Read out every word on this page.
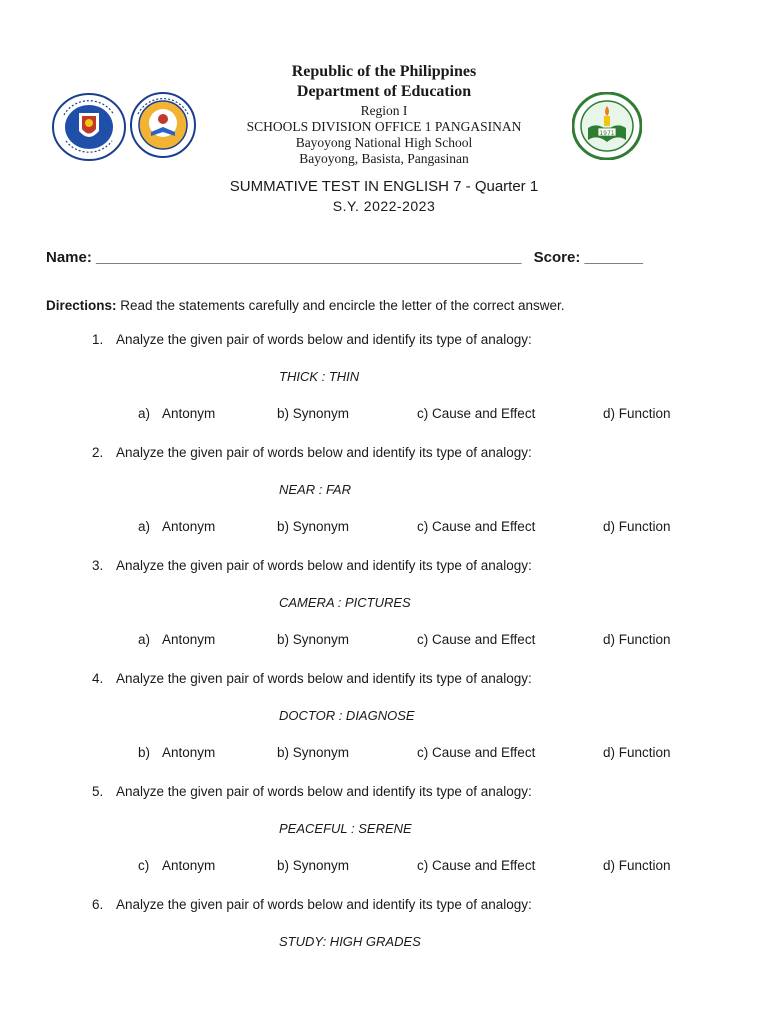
1971
Republic of the Philippines
Department of Education
Region I
SCHOOLS DIVISION OFFICE 1 PANGASINAN
Bayoyong National High School
Bayoyong, Basista, Pangasinan
SUMMATIVE TEST IN ENGLISH 7 - Quarter 1
S.Y. 2022-2023
Name: ___________________________________________________ Score: _______
Directions: Read the statements carefully and encircle the letter of the correct answer.
1. Analyze the given pair of words below and identify its type of analogy:
THICK : THIN
a) Antonym	b) Synonym	c) Cause and Effect	d) Function
2. Analyze the given pair of words below and identify its type of analogy:
NEAR : FAR
a) Antonym	b) Synonym	c) Cause and Effect	d) Function
3. Analyze the given pair of words below and identify its type of analogy:
CAMERA : PICTURES
a) Antonym	b) Synonym	c) Cause and Effect	d) Function
4. Analyze the given pair of words below and identify its type of analogy:
DOCTOR : DIAGNOSE
b) Antonym	b) Synonym	c) Cause and Effect	d) Function
5. Analyze the given pair of words below and identify its type of analogy:
PEACEFUL : SERENE
c) Antonym	b) Synonym	c) Cause and Effect	d) Function
6. Analyze the given pair of words below and identify its type of analogy:
STUDY: HIGH GRADES
